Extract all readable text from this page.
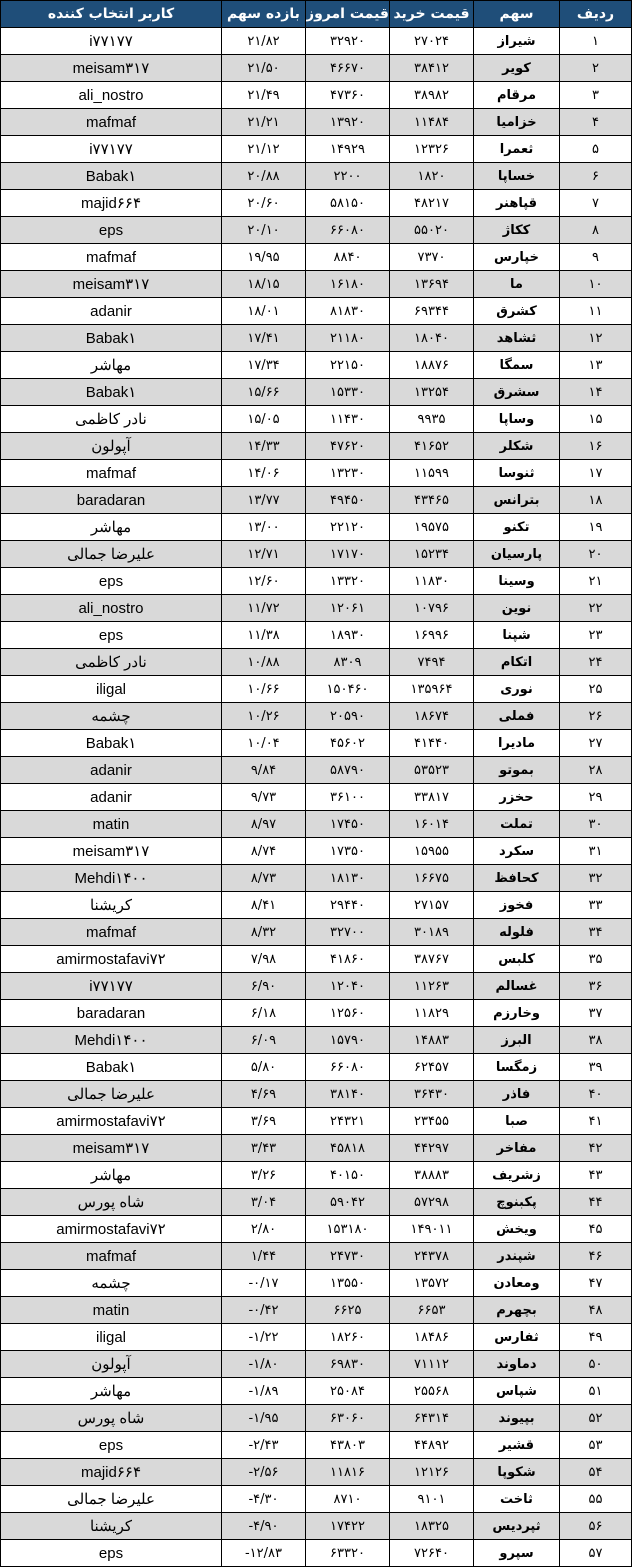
ردیف	سهم	قیمت خرید	قیمت امروز	بازده سهم	کاربر انتخاب کننده
۱	شیراز	۲۷۰۲۴	۳۲۹۲۰	۲۱/۸۲	i۷۷۱۷۷
۲	کویر	۳۸۴۱۲	۴۶۶۷۰	۲۱/۵۰	meisam۳۱۷
۳	مرقام	۳۸۹۸۲	۴۷۳۶۰	۲۱/۴۹	ali_nostro
۴	خزامیا	۱۱۴۸۴	۱۳۹۲۰	۲۱/۲۱	mafmaf
۵	ثعمرا	۱۲۳۲۶	۱۴۹۲۹	۲۱/۱۲	i۷۷۱۷۷
۶	خساپا	۱۸۲۰	۲۲۰۰	۲۰/۸۸	Babak۱
۷	قپاهنر	۴۸۲۱۷	۵۸۱۵۰	۲۰/۶۰	majid۶۶۴
۸	ککاژ	۵۵۰۲۰	۶۶۰۸۰	۲۰/۱۰	eps
۹	خپارس	۷۳۷۰	۸۸۴۰	۱۹/۹۵	mafmaf
۱۰	ما	۱۳۶۹۴	۱۶۱۸۰	۱۸/۱۵	meisam۳۱۷
۱۱	کشرق	۶۹۳۴۴	۸۱۸۳۰	۱۸/۰۱	adanir
۱۲	ثشاهد	۱۸۰۴۰	۲۱۱۸۰	۱۷/۴۱	Babak۱
۱۳	سمگا	۱۸۸۷۶	۲۲۱۵۰	۱۷/۳۴	مهاشر
۱۴	سشرق	۱۳۲۵۴	۱۵۳۳۰	۱۵/۶۶	Babak۱
۱۵	وساپا	۹۹۳۵	۱۱۴۳۰	۱۵/۰۵	نادر کاظمی
۱۶	شکلر	۴۱۶۵۲	۴۷۶۲۰	۱۴/۳۳	آپولون
۱۷	ثنوسا	۱۱۵۹۹	۱۳۲۳۰	۱۴/۰۶	mafmaf
۱۸	بترانس	۴۳۴۶۵	۴۹۴۵۰	۱۳/۷۷	baradaran
۱۹	تکنو	۱۹۵۷۵	۲۲۱۲۰	۱۳/۰۰	مهاشر
۲۰	پارسیان	۱۵۲۳۴	۱۷۱۷۰	۱۲/۷۱	علیرضا جمالی
۲۱	وسینا	۱۱۸۳۰	۱۳۳۲۰	۱۲/۶۰	eps
۲۲	نوین	۱۰۷۹۶	۱۲۰۶۱	۱۱/۷۲	ali_nostro
۲۳	شپنا	۱۶۹۹۶	۱۸۹۳۰	۱۱/۳۸	eps
۲۴	اتکام	۷۴۹۴	۸۳۰۹	۱۰/۸۸	نادر کاظمی
۲۵	نوری	۱۳۵۹۶۴	۱۵۰۴۶۰	۱۰/۶۶	iligal
۲۶	فملی	۱۸۶۷۴	۲۰۵۹۰	۱۰/۲۶	چشمه
۲۷	مادیرا	۴۱۴۴۰	۴۵۶۰۲	۱۰/۰۴	Babak۱
۲۸	بموتو	۵۳۵۲۳	۵۸۷۹۰	۹/۸۴	adanir
۲۹	حخزر	۳۳۸۱۷	۳۶۱۰۰	۹/۷۳	adanir
۳۰	تملت	۱۶۰۱۴	۱۷۴۵۰	۸/۹۷	matin
۳۱	سکرد	۱۵۹۵۵	۱۷۳۵۰	۸/۷۴	meisam۳۱۷
۳۲	کحافظ	۱۶۶۷۵	۱۸۱۳۰	۸/۷۳	Mehdi۱۴۰۰
۳۳	فخوز	۲۷۱۵۷	۲۹۴۴۰	۸/۴۱	کریشنا
۳۴	فلوله	۳۰۱۸۹	۳۲۷۰۰	۸/۳۲	mafmaf
۳۵	کلبس	۳۸۷۶۷	۴۱۸۶۰	۷/۹۸	amirmostafavi۷۲
۳۶	غسالم	۱۱۲۶۳	۱۲۰۴۰	۶/۹۰	i۷۷۱۷۷
۳۷	وخارزم	۱۱۸۲۹	۱۲۵۶۰	۶/۱۸	baradaran
۳۸	البرز	۱۴۸۸۳	۱۵۷۹۰	۶/۰۹	Mehdi۱۴۰۰
۳۹	زمگسا	۶۲۴۵۷	۶۶۰۸۰	۵/۸۰	Babak۱
۴۰	فاذر	۳۶۴۳۰	۳۸۱۴۰	۴/۶۹	علیرضا جمالی
۴۱	صبا	۲۳۴۵۵	۲۴۳۲۱	۳/۶۹	amirmostafavi۷۲
۴۲	مفاخر	۴۴۲۹۷	۴۵۸۱۸	۳/۴۳	meisam۳۱۷
۴۳	زشریف	۳۸۸۸۳	۴۰۱۵۰	۳/۲۶	مهاشر
۴۴	پکبنوچ	۵۷۲۹۸	۵۹۰۴۲	۳/۰۴	شاه پورس
۴۵	ویخش	۱۴۹۰۱۱	۱۵۳۱۸۰	۲/۸۰	amirmostafavi۷۲
۴۶	شپندر	۲۴۳۷۸	۲۴۷۳۰	۱/۴۴	mafmaf
۴۷	ومعادن	۱۳۵۷۲	۱۳۵۵۰	-۰/۱۷	چشمه
۴۸	بچهرم	۶۶۵۳	۶۶۲۵	-۰/۴۲	matin
۴۹	ثفارس	۱۸۴۸۶	۱۸۲۶۰	-۱/۲۲	iligal
۵۰	دماوند	۷۱۱۱۲	۶۹۸۳۰	-۱/۸۰	آپولون
۵۱	شپاس	۲۵۵۶۸	۲۵۰۸۴	-۱/۸۹	مهاشر
۵۲	بپیوند	۶۴۳۱۴	۶۳۰۶۰	-۱/۹۵	شاه پورس
۵۳	قشیر	۴۴۸۹۲	۴۳۸۰۳	-۲/۴۳	eps
۵۴	شکوپا	۱۲۱۲۶	۱۱۸۱۶	-۲/۵۶	majid۶۶۴
۵۵	ثاخت	۹۱۰۱	۸۷۱۰	-۴/۳۰	علیرضا جمالی
۵۶	ثپردیس	۱۸۳۲۵	۱۷۴۲۲	-۴/۹۰	کریشنا
۵۷	سپرو	۷۲۶۴۰	۶۳۳۲۰	-۱۲/۸۳	eps
